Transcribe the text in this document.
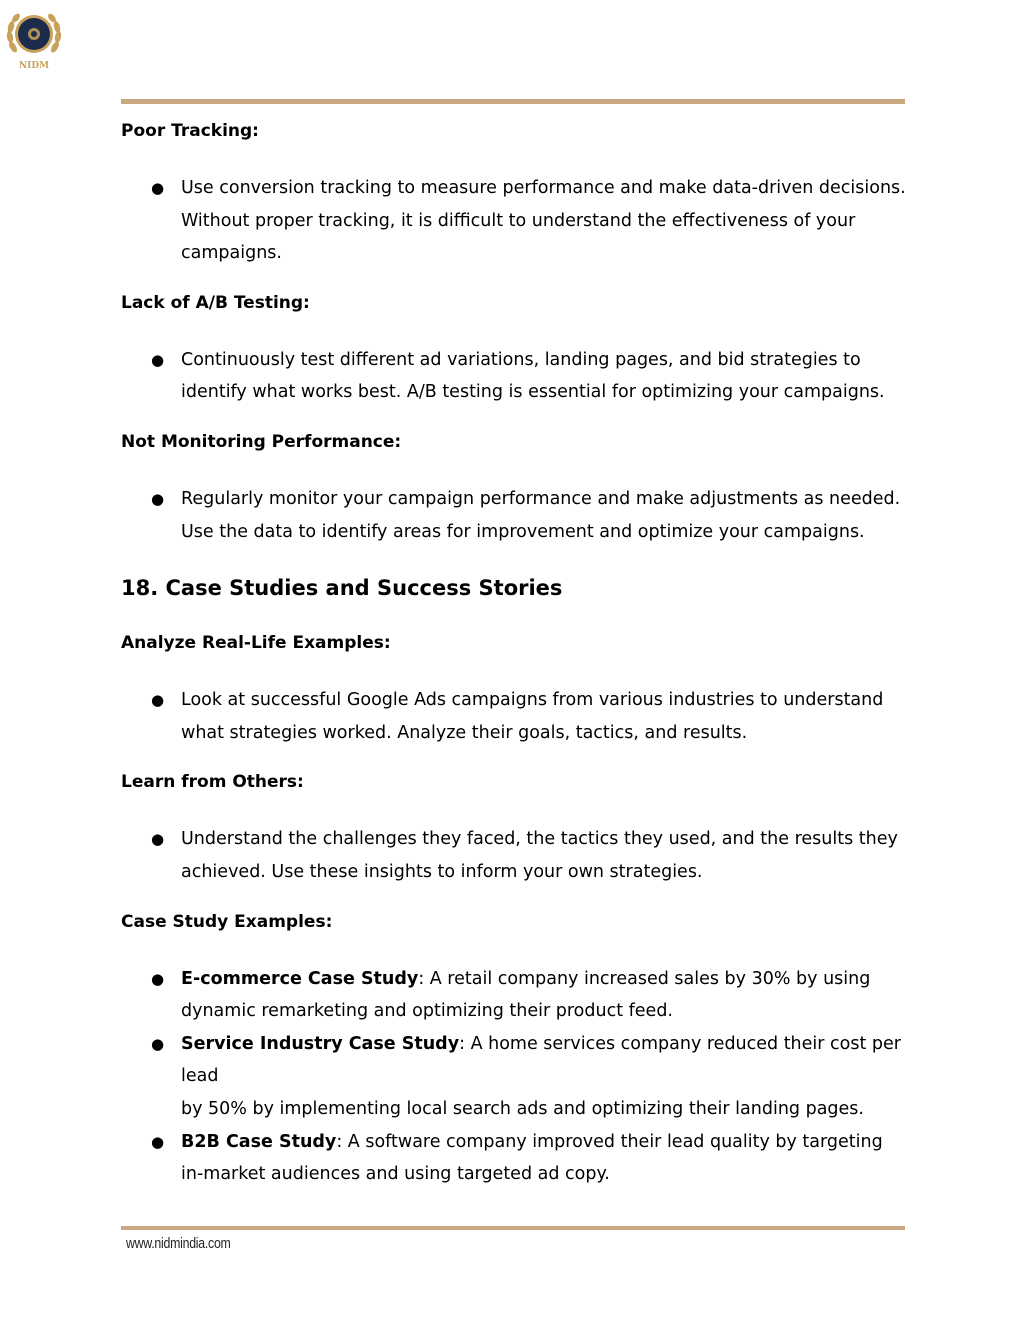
NIDM

Poor Tracking:

● Use conversion tracking to measure performance and make data-driven decisions.
Without proper tracking, it is difficult to understand the effectiveness of your
campaigns.

Lack of A/B Testing:

● Continuously test different ad variations, landing pages, and bid strategies to
identify what works best. A/B testing is essential for optimizing your campaigns.

Not Monitoring Performance:

● Regularly monitor your campaign performance and make adjustments as needed.
Use the data to identify areas for improvement and optimize your campaigns.
18. Case Studies and Success Stories

Analyze Real-Life Examples:

● Look at successful Google Ads campaigns from various industries to understand
what strategies worked. Analyze their goals, tactics, and results.

Learn from Others:

● Understand the challenges they faced, the tactics they used, and the results they
achieved. Use these insights to inform your own strategies.

Case Study Examples:

● E-commerce Case Study: A retail company increased sales by 30% by using
dynamic remarketing and optimizing their product feed.
● Service Industry Case Study: A home services company reduced their cost per lead
by 50% by implementing local search ads and optimizing their landing pages.
● B2B Case Study: A software company improved their lead quality by targeting
in-market audiences and using targeted ad copy.
www.nidmindia.com
